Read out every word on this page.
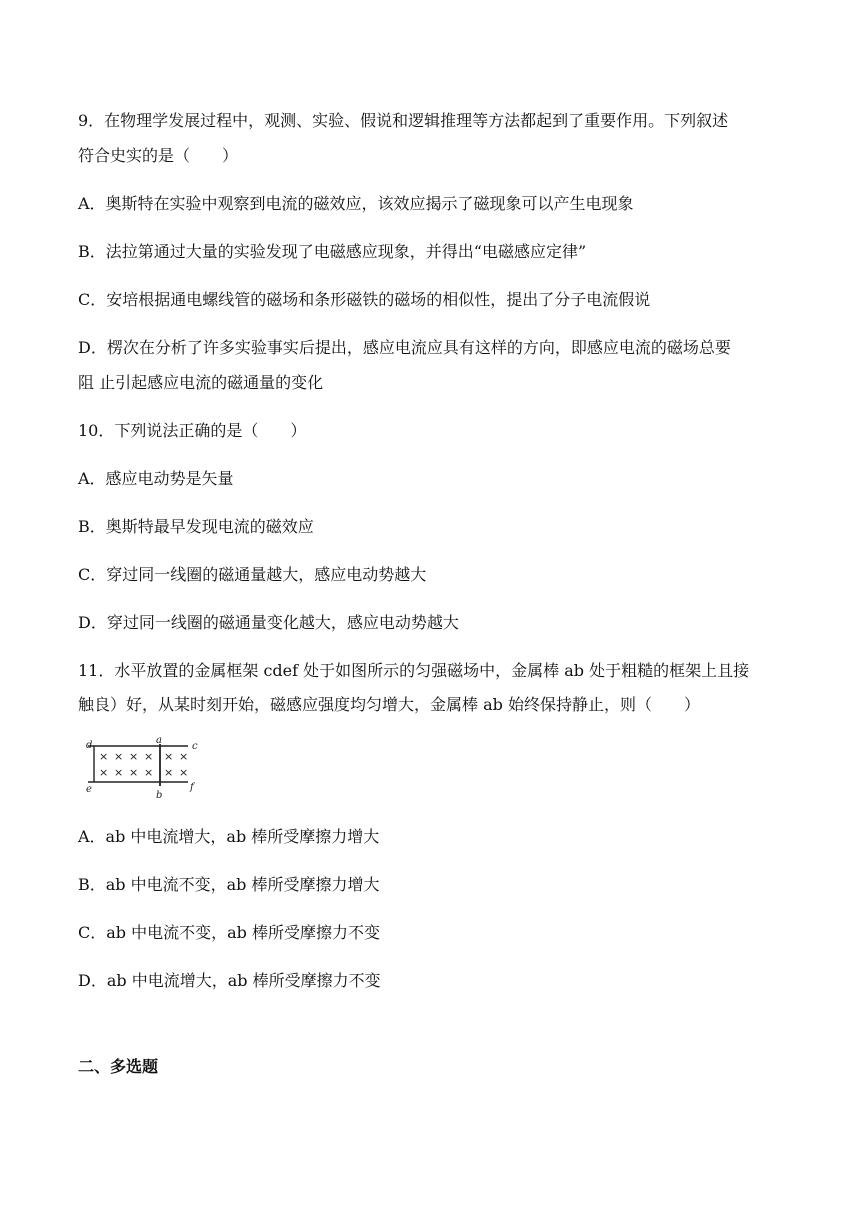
9．在物理学发展过程中，观测、实验、假说和逻辑推理等方法都起到了重要作用。下列叙述
符合史实的是（　　）
A．奥斯特在实验中观察到电流的磁效应，该效应揭示了磁现象可以产生电现象
B．法拉第通过大量的实验发现了电磁感应现象，并得出“电磁感应定律”
C．安培根据通电螺线管的磁场和条形磁铁的磁场的相似性，提出了分子电流假说
D．楞次在分析了许多实验事实后提出，感应电流应具有这样的方向，即感应电流的磁场总要
阻 止引起感应电流的磁通量的变化
10．下列说法正确的是（　　）
A．感应电动势是矢量
B．奥斯特最早发现电流的磁效应
C．穿过同一线圈的磁通量越大，感应电动势越大
D．穿过同一线圈的磁通量变化越大，感应电动势越大
11．水平放置的金属框架 cdef 处于如图所示的匀强磁场中，金属棒 ab 处于粗糙的框架上且接
触良）好，从某时刻开始，磁感应强度均匀增大，金属棒 ab 始终保持静止，则（　　）
d	a
c
e
b
f
× × × × × ×
× × × × × ×
A．ab 中电流增大，ab 棒所受摩擦力增大
B．ab 中电流不变，ab 棒所受摩擦力增大
C．ab 中电流不变，ab 棒所受摩擦力不变
D．ab 中电流增大，ab 棒所受摩擦力不变
二、多选题
